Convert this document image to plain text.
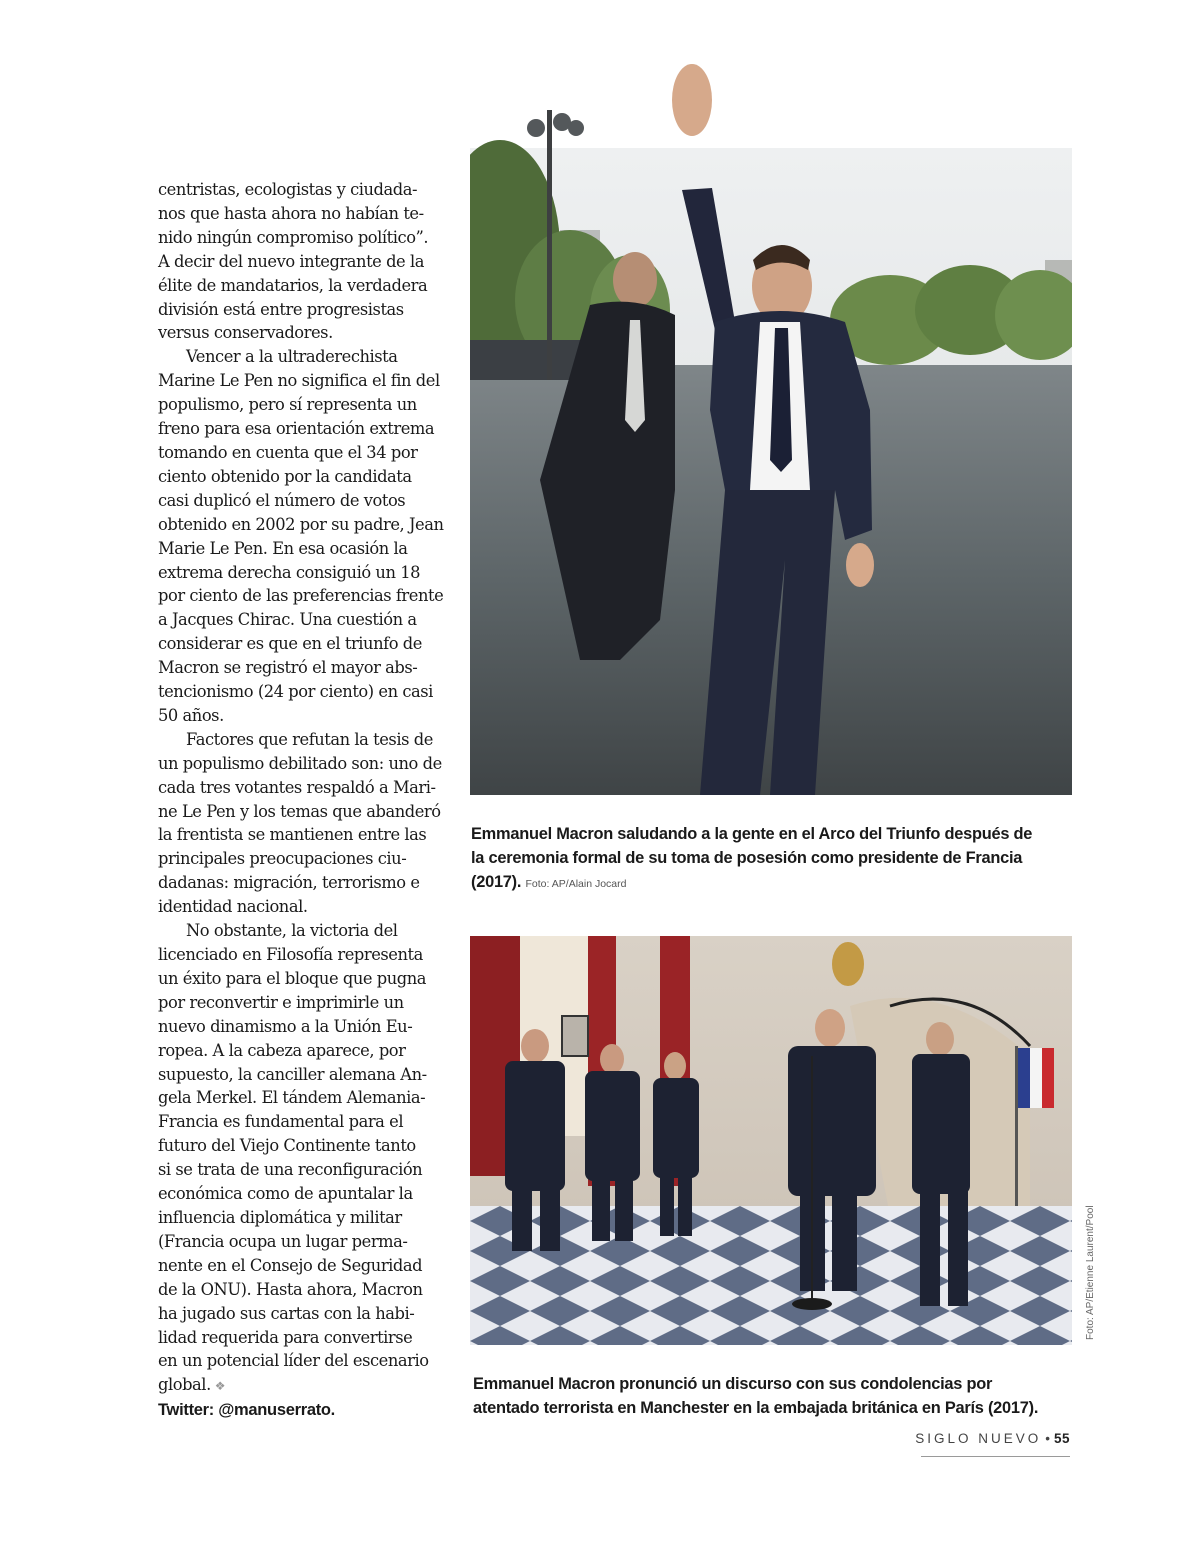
centristas, ecologistas y ciudada-
nos que hasta ahora no habían te-
nido ningún compromiso político”.
A decir del nuevo integrante de la
élite de mandatarios, la verdadera
división está entre progresistas
versus conservadores.
Vencer a la ultraderechista
Marine Le Pen no significa el fin del
populismo, pero sí representa un
freno para esa orientación extrema
tomando en cuenta que el 34 por
ciento obtenido por la candidata
casi duplicó el número de votos
obtenido en 2002 por su padre, Jean
Marie Le Pen. En esa ocasión la
extrema derecha consiguió un 18
por ciento de las preferencias frente
a Jacques Chirac. Una cuestión a
considerar es que en el triunfo de
Macron se registró el mayor abs-
tencionismo (24 por ciento) en casi
50 años.
Factores que refutan la tesis de
un populismo debilitado son: uno de
cada tres votantes respaldó a Mari-
ne Le Pen y los temas que abanderó
la frentista se mantienen entre las
principales preocupaciones ciu-
dadanas: migración, terrorismo e
identidad nacional.
No obstante, la victoria del
licenciado en Filosofía representa
un éxito para el bloque que pugna
por reconvertir e imprimirle un
nuevo dinamismo a la Unión Eu-
ropea. A la cabeza aparece, por
supuesto, la canciller alemana An-
gela Merkel. El tándem Alemania-
Francia es fundamental para el
futuro del Viejo Continente tanto
si se trata de una reconfiguración
económica como de apuntalar la
influencia diplomática y militar
(Francia ocupa un lugar perma-
nente en el Consejo de Seguridad
de la ONU). Hasta ahora, Macron
ha jugado sus cartas con la habi-
lidad requerida para convertirse
en un potencial líder del escenario
global. ❖
Twitter: @manuserrato.
Emmanuel Macron saludando a la gente en el Arco del Triunfo después de
la ceremonia formal de su toma de posesión como presidente de Francia
(2017). Foto: AP/Alain Jocard
Foto: AP/Etienne Laurent/Pool
Emmanuel Macron pronunció un discurso con sus condolencias por
atentado terrorista en Manchester en la embajada británica en París (2017).
SIGLO NUEVO • 55
